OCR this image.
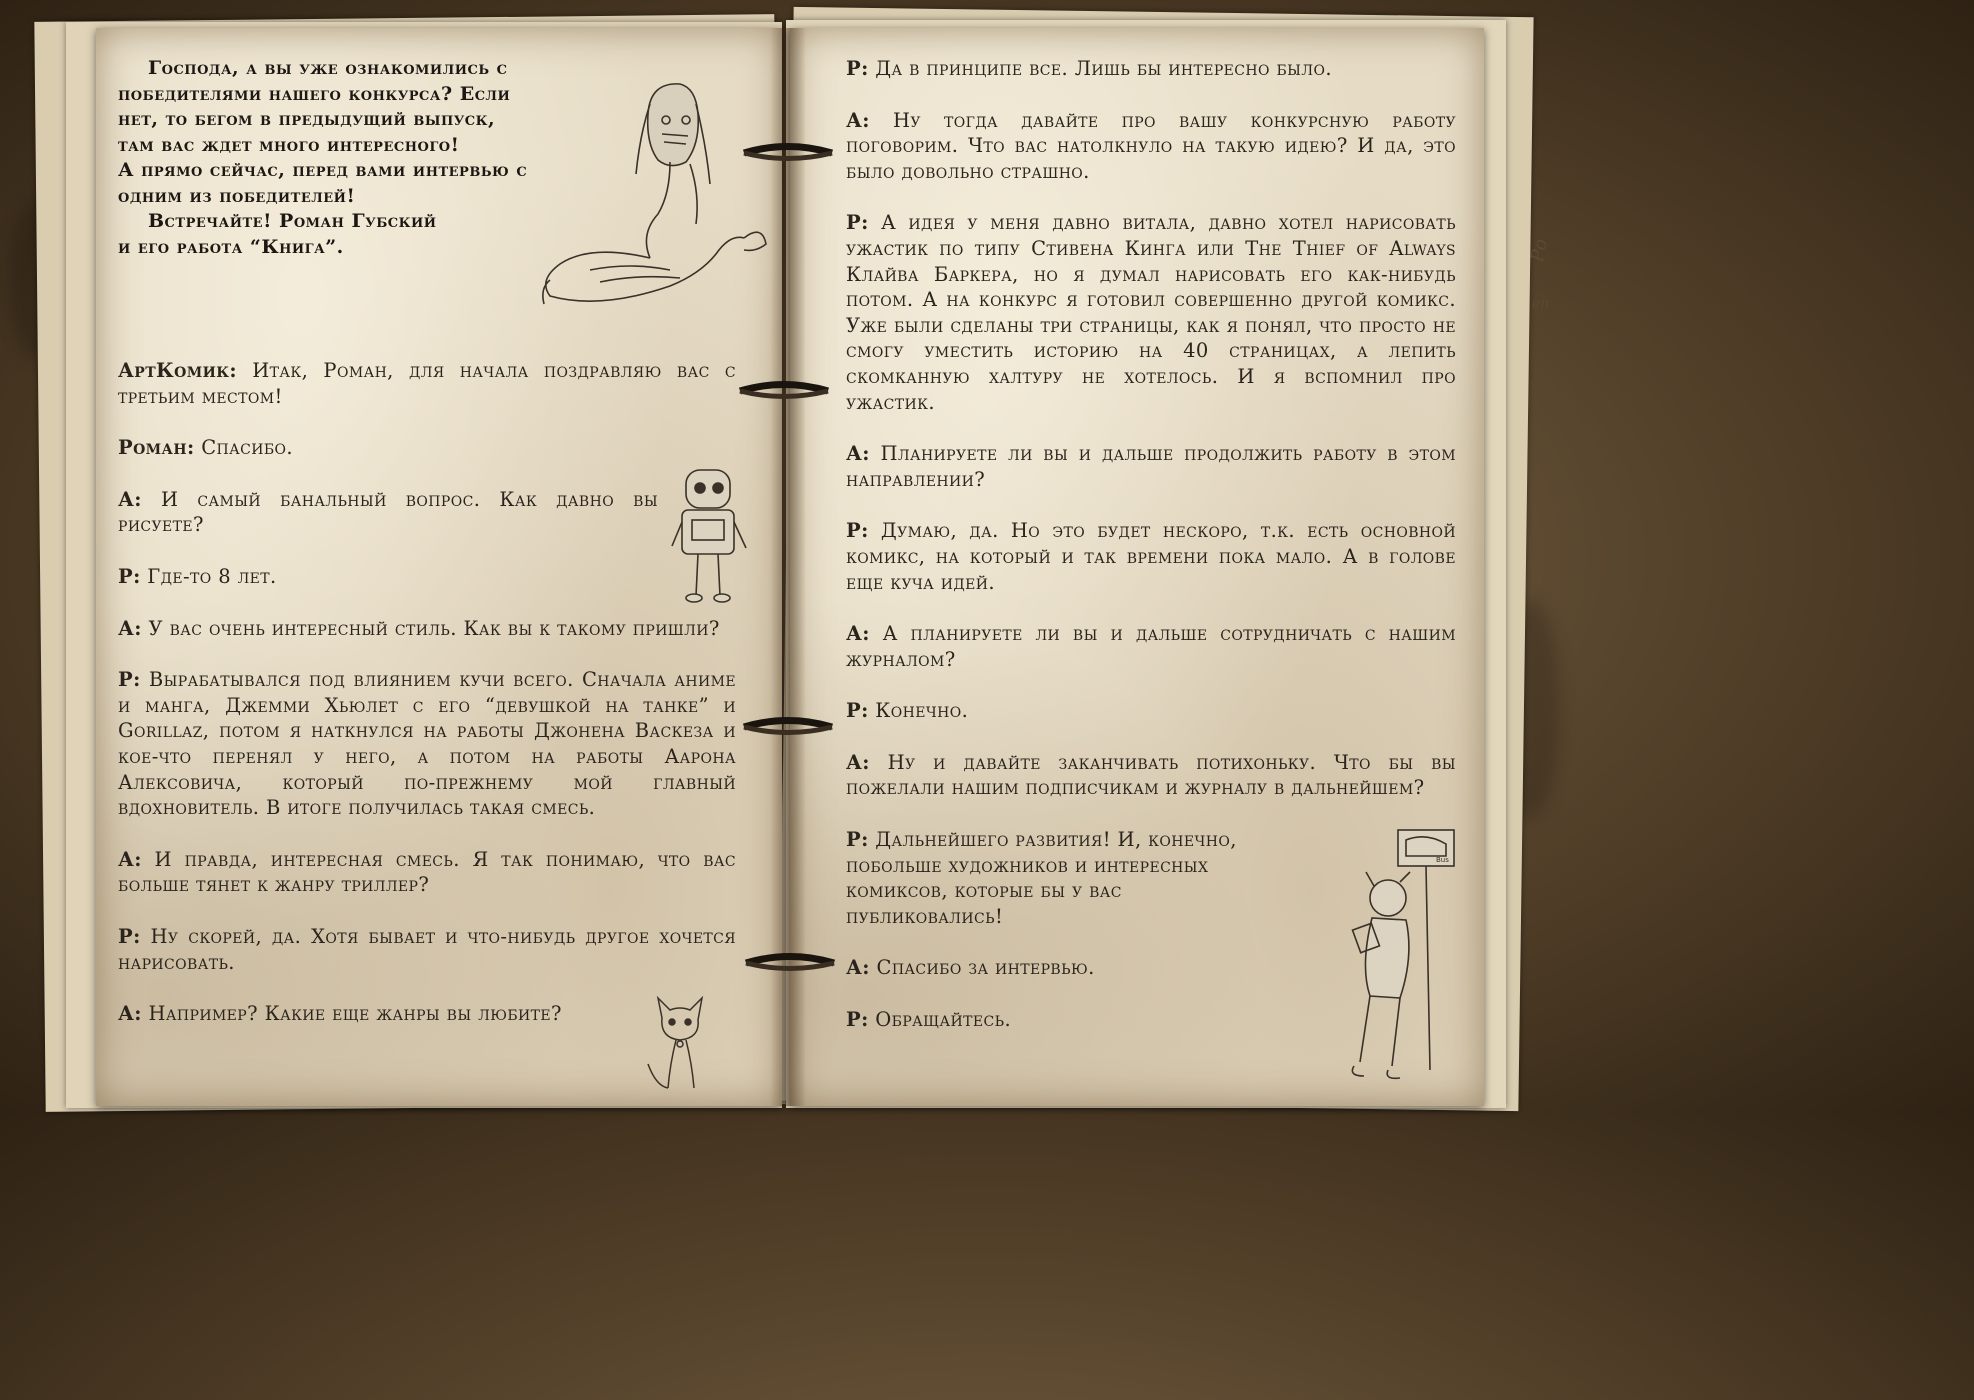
Ро
en
Господа, а вы уже ознакомились с
победителями нашего конкурса? Если
нет, то бегом в предыдущий выпуск,
там вас ждет много интересного!
А прямо сейчас, перед вами интервью с
одним из победителей!
Встречайте! Роман Губский
и его работа “Книга”.
Bus

АртКомик: Итак, Роман, для начала поздравляю вас с третьим местом!

Роман: Спасибо.

А: И самый банальный вопрос. Как давно вы рисуете?

Р: Где-то 8 лет.

А: У вас очень интересный стиль. Как вы к такому пришли?

Р: Вырабатывался под влиянием кучи всего. Сначала аниме и манга, Джемми Хьюлет с его “девушкой на танке” и Gorillaz, потом я наткнулся на работы Джонена Васкеза и кое-что перенял у него, а потом на работы Аарона Алексовича, который по-прежнему мой главный вдохновитель. В итоге получилась такая смесь.

А: И правда, интересная смесь. Я так понимаю, что вас больше тянет к жанру триллер?

Р: Ну скорей, да. Хотя бывает и что-нибудь другое хочется нарисовать.

А: Например? Какие еще жанры вы любите?

Р: Да в принципе все. Лишь бы интересно было.

А: Ну тогда давайте про вашу конкурсную работу поговорим. Что вас натолкнуло на такую идею? И да, это было довольно страшно.

Р: А идея у меня давно витала, давно хотел нарисовать ужастик по типу Стивена Кинга или The Thief of Always Клайва Баркера, но я думал нарисовать его как-нибудь потом. А на конкурс я готовил совершенно другой комикс. Уже были сделаны три страницы, как я понял, что просто не смогу уместить историю на 40 страницах, а лепить скомканную халтуру не хотелось. И я вспомнил про ужастик.

А: Планируете ли вы и дальше продолжить работу в этом направлении?

Р: Думаю, да. Но это будет нескоро, т.к. есть основной комикс, на который и так времени пока мало. А в голове еще куча идей.

А: А планируете ли вы и дальше сотрудничать с нашим журналом?

Р: Конечно.

А: Ну и давайте заканчивать потихоньку. Что бы вы пожелали нашим подписчикам и журналу в дальнейшем?

Р: Дальнейшего развития! И, конечно, побольше художников и интересных комиксов, которые бы у вас публиковались!

А: Спасибо за интервью.

Р: Обращайтесь.
